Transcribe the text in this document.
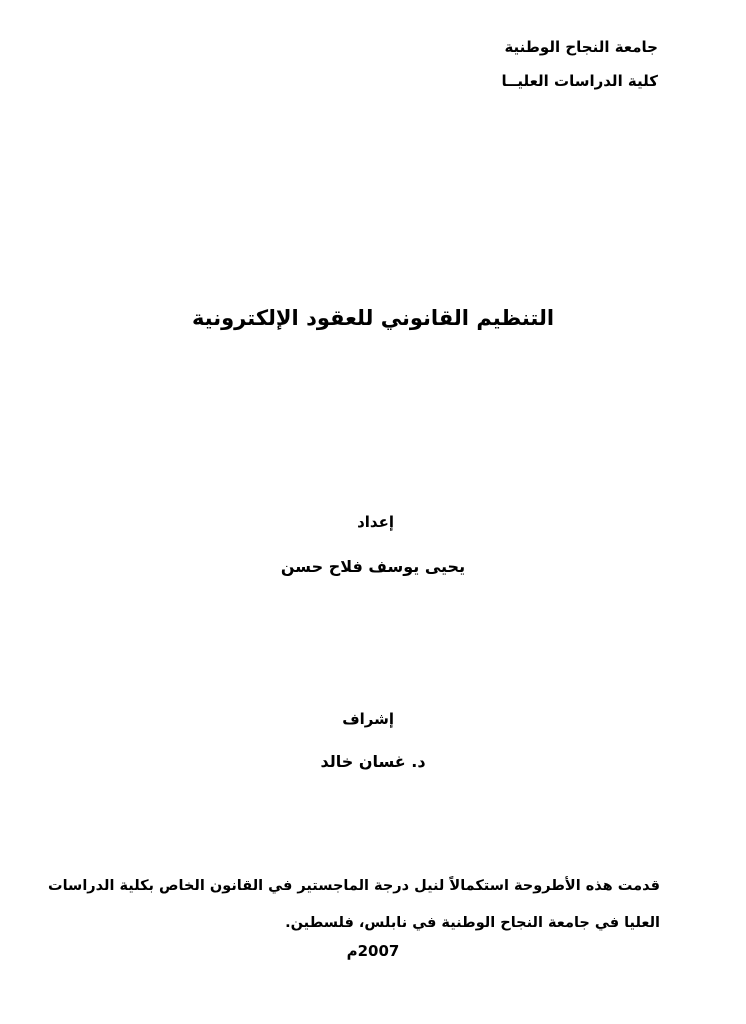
جامعة النجاح الوطنية
كلية الدراسات العليــا
التنظيم القانوني للعقود الإلكترونية
إعداد
يحيى يوسف فلاح حسن
إشراف
د. غسان خالد
قدمت هذه الأطروحة استكمالاً لنيل درجة الماجستير في القانون الخاص بكلية الدراسات
العليا في جامعة النجاح الوطنية في نابلس، فلسطين.
2007م
